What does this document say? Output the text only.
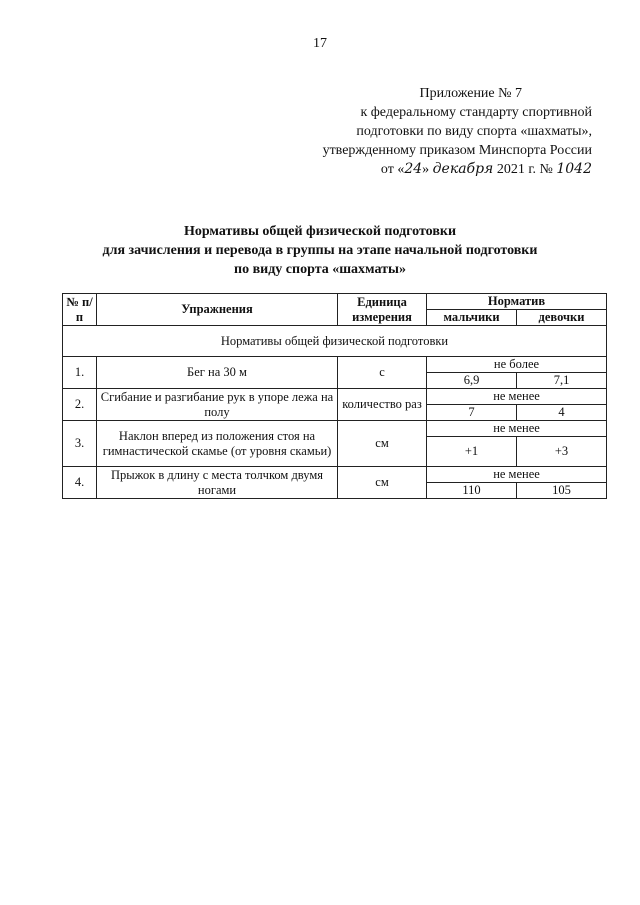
17
Приложение № 7
к федеральному стандарту спортивной
подготовки по виду спорта «шахматы»,
утвержденному приказом Минспорта России
от «24» декабря 2021 г. № 1042
Нормативы общей физической подготовки
для зачисления и перевода в группы на этапе начальной подготовки
по виду спорта «шахматы»
№ п/п	Упражнения	Единица измерения	Норматив	
			мальчики	девочки
Нормативы общей физической подготовки				
1.	Бег на 30 м	с	не более	
			6,9	7,1
2.	Сгибание и разгибание рук в упоре лежа на полу	количество раз	не менее	
			7	4
3.	Наклон вперед из положения стоя на гимнастической скамье (от уровня скамьи)	см	не менее	
			+1	+3
4.	Прыжок в длину с места толчком двумя ногами	см	не менее	
			110	105
